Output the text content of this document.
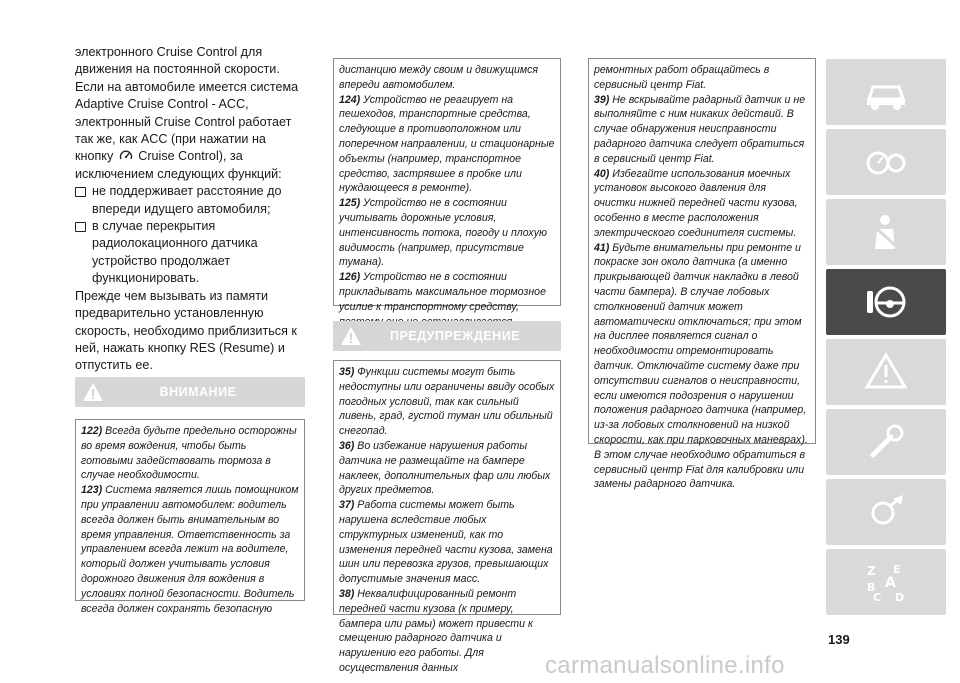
электронного Cruise Control для движения на постоянной скорости.

Если на автомобиле имеется система Adaptive Cruise Control - ACC, электронный Cruise Control работает так же, как ACC (при нажатии на кнопку Cruise Control), за исключением следующих функций:

не поддерживает расстояние до впереди идущего автомобиля;
в случае перекрытия радиолокационного датчика устройство продолжает функционировать.

Прежде чем вызывать из памяти предварительно установленную скорость, необходимо приблизиться к ней, нажать кнопку RES (Resume) и отпустить ее.

ВНИМАНИЕ

122) Всегда будьте предельно осторожны во время вождения, чтобы быть готовыми задействовать тормоза в случае необходимости.

123) Система является лишь помощником при управлении автомобилем: водитель всегда должен быть внимательным во время управления. Ответственность за управлением всегда лежит на водителе, который должен учитывать условия дорожного движения для вождения в условиях полной безопасности. Водитель всегда должен сохранять безопасную

дистанцию между своим и движущимся впереди автомобилем.

124) Устройство не реагирует на пешеходов, транспортные средства, следующие в противоположном или поперечном направлении, и стационарные объекты (например, транспортное средство, застрявшее в пробке или нуждающееся в ремонте).

125) Устройство не в состоянии учитывать дорожные условия, интенсивность потока, погоду и плохую видимость (например, присутствие тумана).

126) Устройство не в состоянии прикладывать максимальное тормозное усилие к транспортному средству,

ПРЕДУПРЕЖДЕНИЕ

35) Функции системы могут быть недоступны или ограничены ввиду особых погодных условий, так как сильный ливень, град, густой туман или обильный снегопад.

36) Во избежание нарушения работы датчика не размещайте на бампере наклеек, дополнительных фар или любых других предметов.

37) Работа системы может быть нарушена вследствие любых структурных изменений, как то изменения передней части кузова, замена шин или перевозка грузов, превышающих допустимые значения масс.

38) Неквалифицированный ремонт передней части кузова (к примеру, бампера или рамы) может привести к смещению радарного датчика и нарушению его работы. Для осуществления данных

ремонтных работ обращайтесь в сервисный центр Fiat.

39) Не вскрывайте радарный датчик и не выполняйте с ним никаких действий. В случае обнаружения неисправности радарного датчика следует обратиться в сервисный центр Fiat.

40) Избегайте использования моечных установок высокого давления для очистки нижней передней части кузова, особенно в месте расположения электрического соединителя системы.

41) Будьте внимательны при ремонте и покраске зон около датчика (а именно прикрывающей датчик накладки в левой части бампера). В случае лобовых столкновений датчик может автоматически отключаться; при этом на дисплее появляется сигнал о необходимости отремонтировать датчик. Отключайте систему даже при отсутствии сигналов о неисправности, если имеются подозрения о нарушении положения радарного датчика (например, из-за лобовых столкновений на низкой скорости, как при парковочных маневрах). В этом случае необходимо обратиться в сервисный центр Fiat для калибровки или замены радарного датчика.

Z E
A
B
C D
139
carmanualsonline.info
